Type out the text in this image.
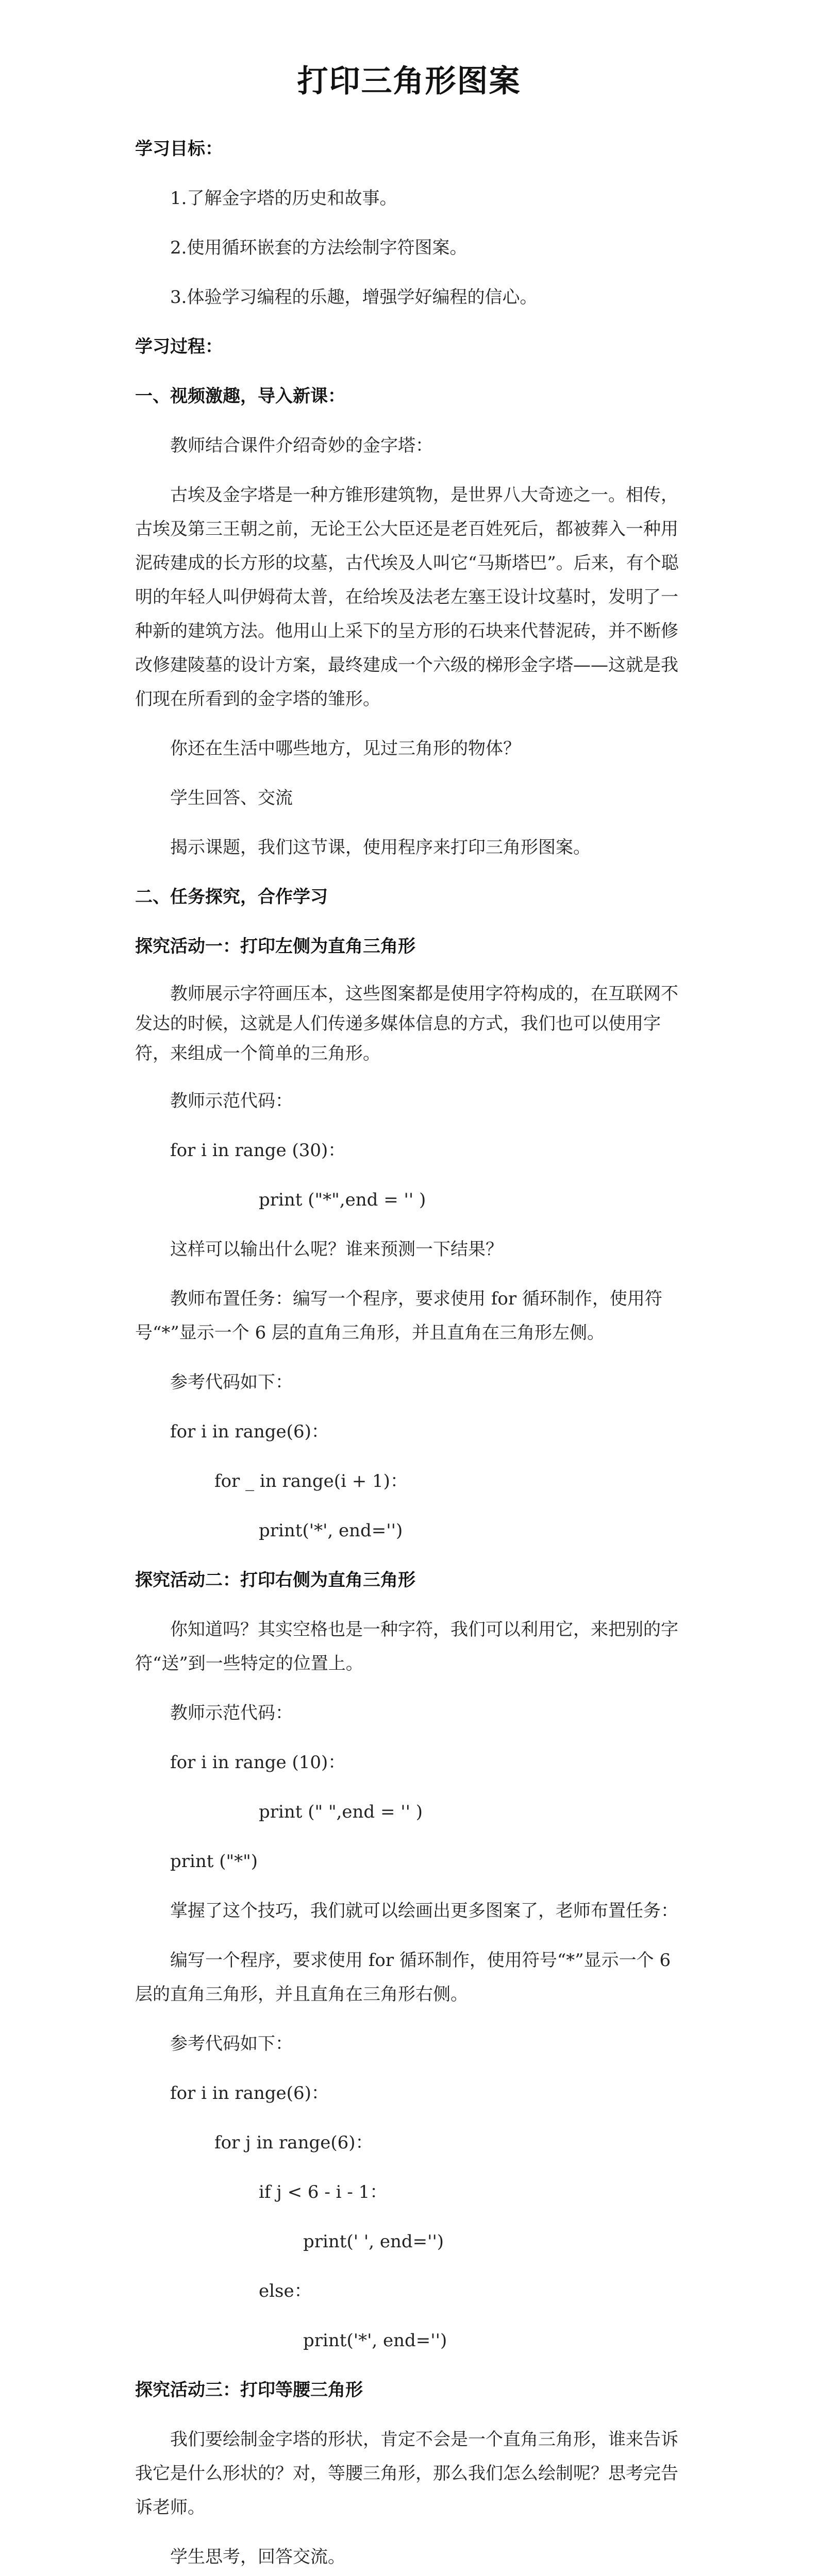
打印三角形图案
学习目标：
1.了解金字塔的历史和故事。
2.使用循环嵌套的方法绘制字符图案。
3.体验学习编程的乐趣，增强学好编程的信心。
学习过程：
一、视频激趣，导入新课：
教师结合课件介绍奇妙的金字塔：
古埃及金字塔是一种方锥形建筑物，是世界八大奇迹之一。相传，古埃及第三王朝之前，无论王公大臣还是老百姓死后，都被葬入一种用泥砖建成的长方形的坟墓，古代埃及人叫它“马斯塔巴”。后来，有个聪明的年轻人叫伊姆荷太普，在给埃及法老左塞王设计坟墓时，发明了一种新的建筑方法。他用山上采下的呈方形的石块来代替泥砖，并不断修改修建陵墓的设计方案，最终建成一个六级的梯形金字塔——这就是我们现在所看到的金字塔的雏形。
你还在生活中哪些地方，见过三角形的物体？
学生回答、交流
揭示课题，我们这节课，使用程序来打印三角形图案。
二、任务探究，合作学习
探究活动一：打印左侧为直角三角形
教师展示字符画压本，这些图案都是使用字符构成的，在互联网不发达的时候，这就是人们传递多媒体信息的方式，我们也可以使用字符，来组成一个简单的三角形。
教师示范代码：
for i in range (30)：
print ("*",end = '' )
这样可以输出什么呢？谁来预测一下结果？
教师布置任务：编写一个程序，要求使用 for 循环制作，使用符号“*”显示一个 6 层的直角三角形，并且直角在三角形左侧。
参考代码如下：
for i in range(6)：
for _ in range(i + 1)：
print('*', end='')
探究活动二：打印右侧为直角三角形
你知道吗？其实空格也是一种字符，我们可以利用它，来把别的字符“送”到一些特定的位置上。
教师示范代码：
for i in range (10)：
print (" ",end = '' )
print ("*")
掌握了这个技巧，我们就可以绘画出更多图案了，老师布置任务：
编写一个程序，要求使用 for 循环制作，使用符号“*”显示一个 6 层的直角三角形，并且直角在三角形右侧。
参考代码如下：
for i in range(6)：
for j in range(6)：
if j < 6 - i - 1：
print(' ', end='')
else：
print('*', end='')
探究活动三：打印等腰三角形
我们要绘制金字塔的形状，肯定不会是一个直角三角形，谁来告诉我它是什么形状的？对，等腰三角形，那么我们怎么绘制呢？思考完告诉老师。
学生思考，回答交流。
